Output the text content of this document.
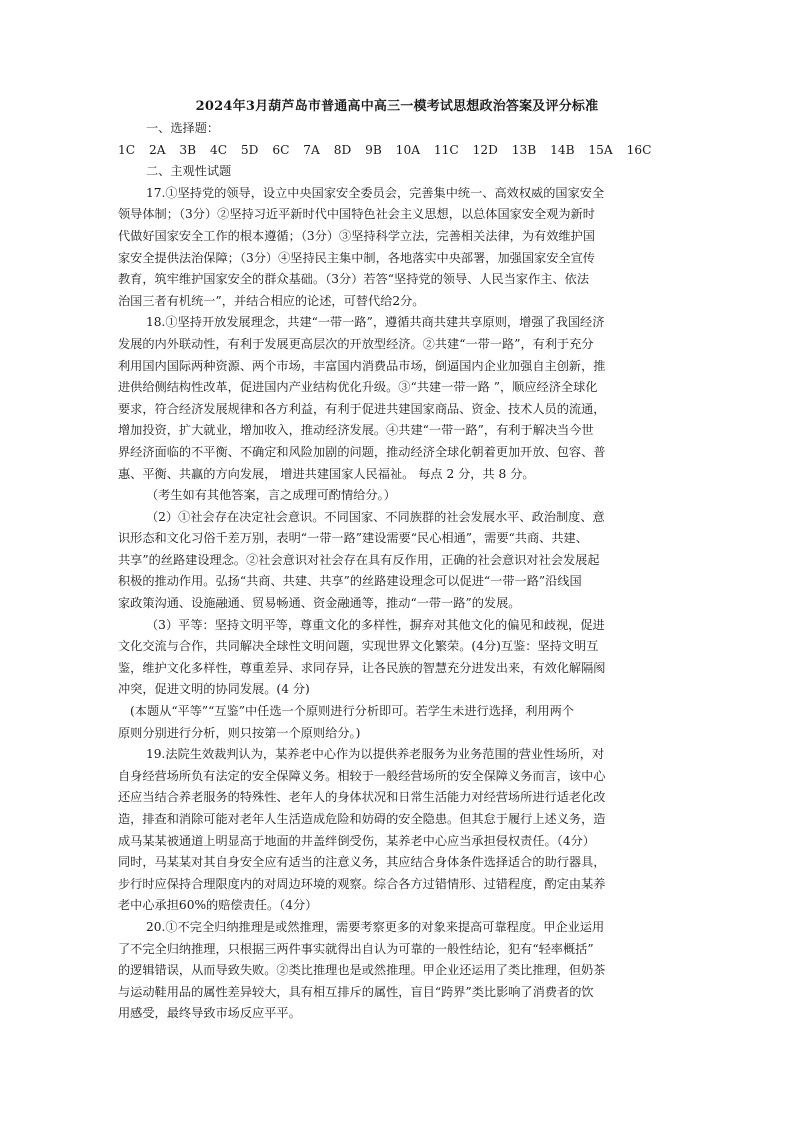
2024年3月葫芦岛市普通高中高三一模考试思想政治答案及评分标准
一、选择题：
1C 2A 3B 4C 5D 6C 7A 8D 9B 10A 11C 12D 13B 14B 15A 16C
二、主观性试题
17.①坚持党的领导，设立中央国家安全委员会，完善集中统一、高效权威的国家安全
领导体制；（3分）②坚持习近平新时代中国特色社会主义思想，以总体国家安全观为新时
代做好国家安全工作的根本遵循；（3分）③坚持科学立法，完善相关法律，为有效维护国
家安全提供法治保障；（3分）④坚持民主集中制，各地落实中央部署，加强国家安全宣传
教育，筑牢维护国家安全的群众基础。（3分）若答“坚持党的领导、人民当家作主、依法
治国三者有机统一”，并结合相应的论述，可替代给2分。
18.①坚持开放发展理念，共建“一带一路”，遵循共商共建共享原则，增强了我国经济
发展的内外联动性，有利于发展更高层次的开放型经济。②共建“一带一路”，有利于充分
利用国内国际两种资源、两个市场，丰富国内消费品市场，倒逼国内企业加强自主创新，推
进供给侧结构性改革，促进国内产业结构优化升级。③“共建一带一路 ”，顺应经济全球化
要求，符合经济发展规律和各方利益，有利于促进共建国家商品、资金、技术人员的流通，
增加投资，扩大就业，增加收入，推动经济发展。④共建“一带一路”，有利于解决当今世
界经济面临的不平衡、不确定和风险加剧的问题，推动经济全球化朝着更加开放、包容、普
惠、平衡、共赢的方向发展， 增进共建国家人民福祉。 每点 2 分，共 8 分。
（考生如有其他答案，言之成理可酌情给分。）
（2）①社会存在决定社会意识。不同国家、不同族群的社会发展水平、政治制度、意
识形态和文化习俗千差万别，表明“一带一路”建设需要“民心相通”，需要“共商、共建、
共享”的丝路建设理念。②社会意识对社会存在具有反作用，正确的社会意识对社会发展起
积极的推动作用。弘扬“共商、共建、共享”的丝路建设理念可以促进“一带一路”沿线国
家政策沟通、设施融通、贸易畅通、资金融通等，推动“一带一路”的发展。
（3）平等：坚持文明平等，尊重文化的多样性，摒弃对其他文化的偏见和歧视，促进
文化交流与合作，共同解决全球性文明问题，实现世界文化繁荣。(4分)互鉴：坚持文明互
鉴，维护文化多样性，尊重差异、求同存异，让各民族的智慧充分进发出来，有效化解隔阂
冲突，促进文明的协同发展。(4 分)
(本题从“平等”“互鉴”中任选一个原则进行分析即可。若学生未进行选择，利用两个
原则分别进行分析，则只按第一个原则给分。)
19.法院生效裁判认为，某养老中心作为以提供养老服务为业务范围的营业性场所，对
自身经营场所负有法定的安全保障义务。相较于一般经营场所的安全保障义务而言，该中心
还应当结合养老服务的特殊性、老年人的身体状况和日常生活能力对经营场所进行适老化改
造，排查和消除可能对老年人生活造成危险和妨碍的安全隐患。但其怠于履行上述义务，造
成马某某被通道上明显高于地面的井盖绊倒受伤，某养老中心应当承担侵权责任。（4分）
同时，马某某对其自身安全应有适当的注意义务，其应结合身体条件选择适合的助行器具，
步行时应保持合理限度内的对周边环境的观察。综合各方过错情形、过错程度，酌定由某养
老中心承担60%的赔偿责任。（4分）
20.①不完全归纳推理是或然推理，需要考察更多的对象来提高可靠程度。甲企业运用
了不完全归纳推理，只根据三两件事实就得出自认为可靠的一般性结论，犯有“轻率概括”
的逻辑错误，从而导致失败。②类比推理也是或然推理。甲企业还运用了类比推理，但奶茶
与运动鞋用品的属性差异较大，具有相互排斥的属性，盲目“跨界”类比影响了消费者的饮
用感受，最终导致市场反应平平。
